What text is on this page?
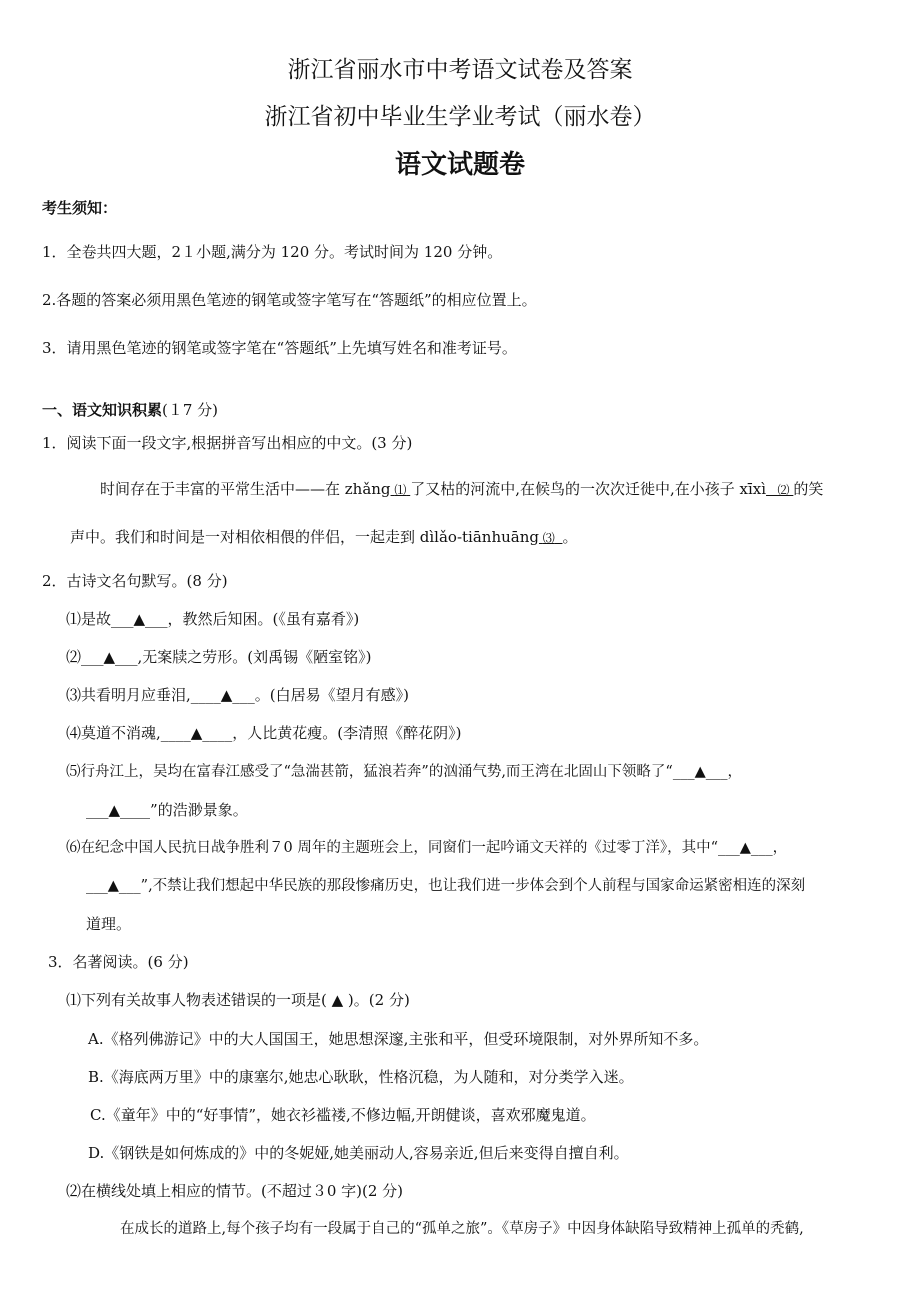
浙江省丽水市中考语文试卷及答案
浙江省初中毕业生学业考试（丽水卷）
语文试题卷
考生须知：
1．全卷共四大题，2１小题,满分为 120 分。考试时间为 120 分钟。
2.各题的答案必须用黑色笔迹的钢笔或签字笔写在“答题纸”的相应位置上。
3．请用黑色笔迹的钢笔或签字笔在“答题纸”上先填写姓名和准考证号。
一、语文知识积累(１7 分)
1．阅读下面一段文字,根据拼音写出相应的中文。(3 分)
时间存在于丰富的平常生活中——在 zhǎng ⑴ 了又枯的河流中,在候鸟的一次次迁徙中,在小孩子 xīxì ⑵ 的笑
声中。我们和时间是一对相依相偎的伴侣，一起走到 dìlǎo-tiānhuāng ⑶ 。
2．古诗文名句默写。(8 分)
⑴是故___▲___，教然后知困。(《虽有嘉肴》)
⑵___▲___,无案牍之劳形。(刘禹锡《陋室铭》)
⑶共看明月应垂泪,____▲___。(白居易《望月有感》)
⑷莫道不消魂,____▲____，人比黄花瘦。(李清照《醉花阴》)
⑸行舟江上，吴均在富春江感受了“急湍甚箭，猛浪若奔”的汹涌气势,而王湾在北固山下领略了“___▲___，
___▲____”的浩渺景象。
⑹在纪念中国人民抗日战争胜利７0 周年的主题班会上，同窗们一起吟诵文天祥的《过零丁洋》，其中“___▲___，
___▲___”,不禁让我们想起中华民族的那段惨痛历史，也让我们进一步体会到个人前程与国家命运紧密相连的深刻
道理。
3．名著阅读。(6 分)
⑴下列有关故事人物表述错误的一项是( ▲ )。(2 分)
A.《格列佛游记》中的大人国国王，她思想深邃,主张和平，但受环境限制，对外界所知不多。
B.《海底两万里》中的康塞尔,她忠心耿耿，性格沉稳，为人随和，对分类学入迷。
C.《童年》中的“好事情”，她衣衫褴褛,不修边幅,开朗健谈，喜欢邪魔鬼道。
D.《钢铁是如何炼成的》中的冬妮娅,她美丽动人,容易亲近,但后来变得自擅自利。
⑵在横线处填上相应的情节。(不超过３0 字)(2 分)
在成长的道路上,每个孩子均有一段属于自己的“孤单之旅”。《草房子》中因身体缺陷导致精神上孤单的秃鹤,
